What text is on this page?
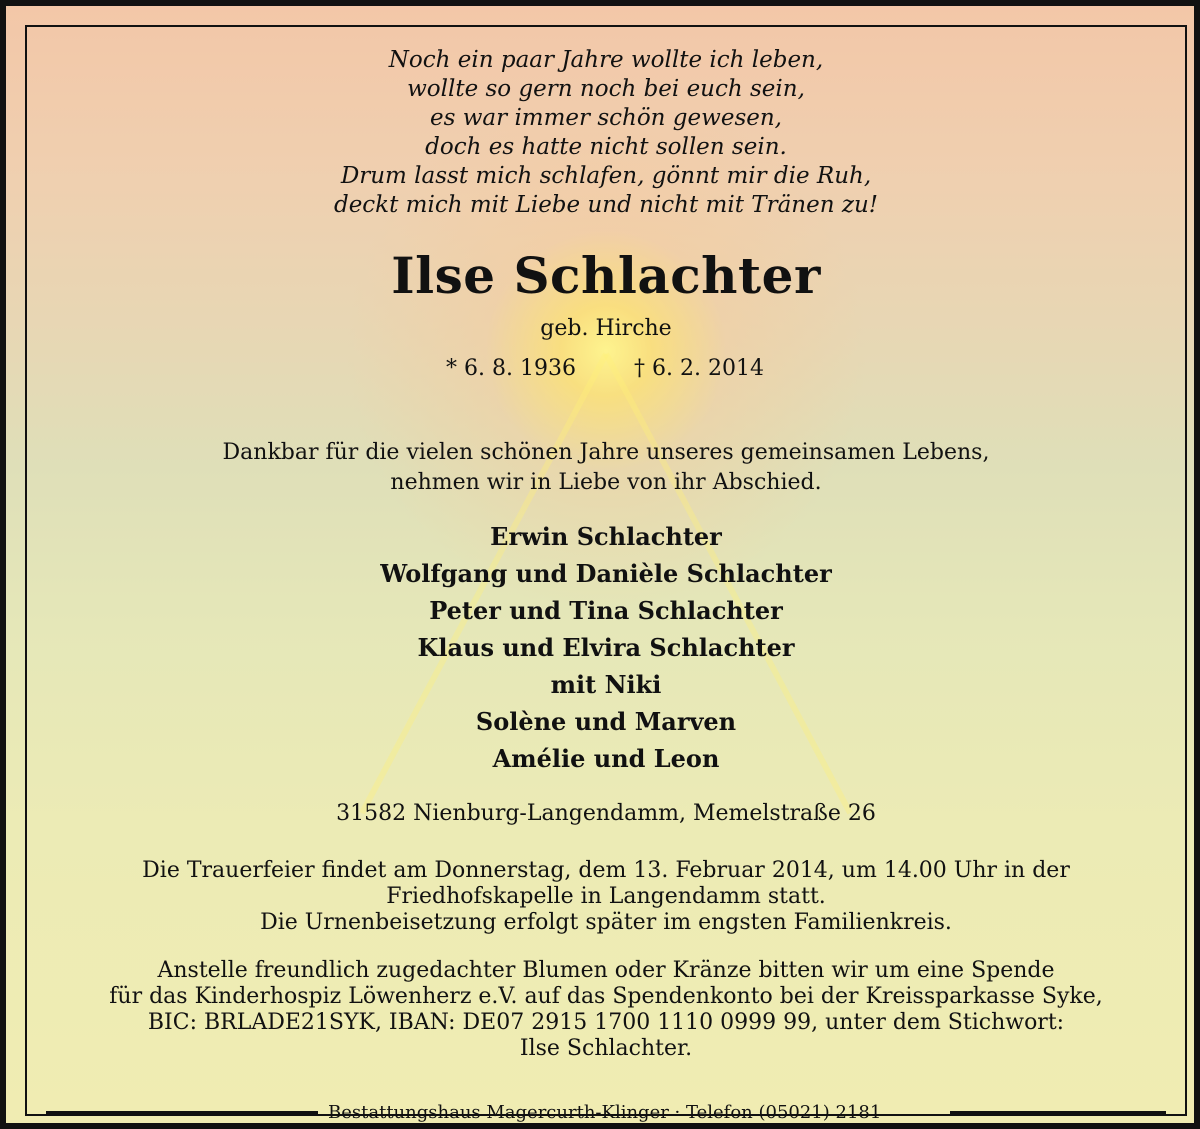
Noch ein paar Jahre wollte ich leben,
wollte so gern noch bei euch sein,
es war immer schön gewesen,
doch es hatte nicht sollen sein.
Drum lasst mich schlafen, gönnt mir die Ruh,
deckt mich mit Liebe und nicht mit Tränen zu!
Ilse Schlachter
geb. Hirche
* 6. 8. 1936	† 6. 2. 2014
Dankbar für die vielen schönen Jahre unseres gemeinsamen Lebens,
nehmen wir in Liebe von ihr Abschied.
Erwin Schlachter
Wolfgang und Danièle Schlachter
Peter und Tina Schlachter
Klaus und Elvira Schlachter
mit Niki
Solène und Marven
Amélie und Leon
31582 Nienburg-Langendamm, Memelstraße 26
Die Trauerfeier findet am Donnerstag, dem 13. Februar 2014, um 14.00 Uhr in der
Friedhofskapelle in Langendamm statt.
Die Urnenbeisetzung erfolgt später im engsten Familienkreis.
Anstelle freundlich zugedachter Blumen oder Kränze bitten wir um eine Spende
für das Kinderhospiz Löwenherz e.V. auf das Spendenkonto bei der Kreissparkasse Syke,
BIC: BRLADE21SYK, IBAN: DE07 2915 1700 1110 0999 99, unter dem Stichwort:
Ilse Schlachter.
Bestattungshaus Magercurth-Klinger · Telefon (05021) 2181
